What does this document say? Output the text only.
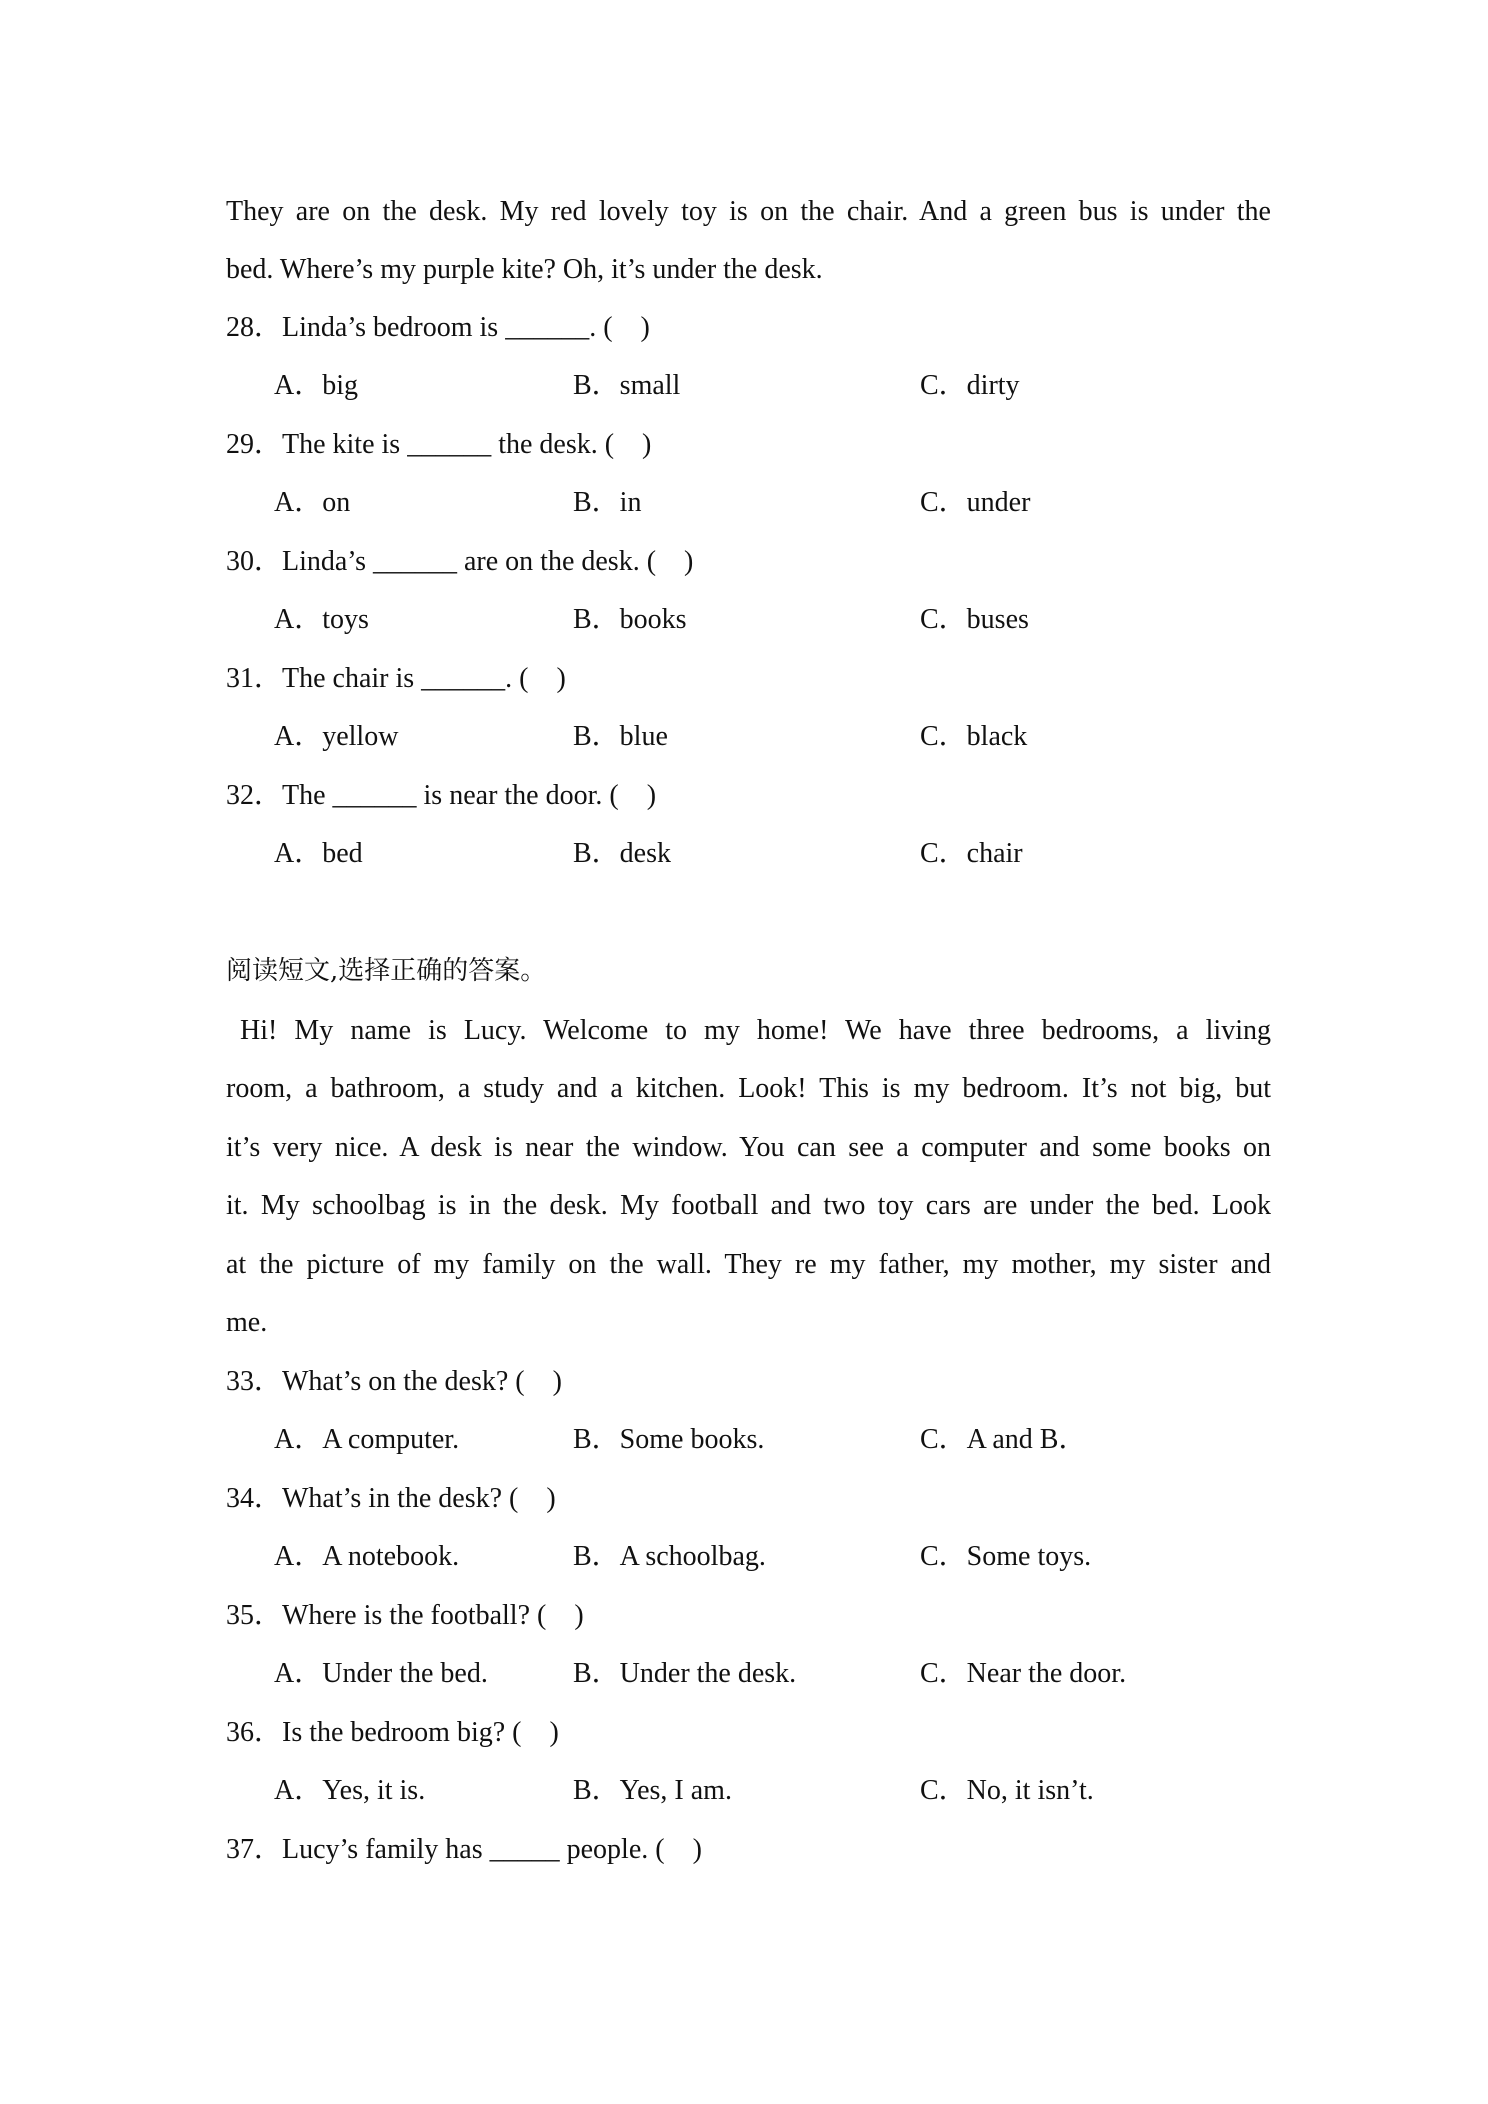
They are on the desk. My red lovely toy is on the chair. And a green bus is under the
bed. Where’s my purple kite? Oh, it’s under the desk.
28．Linda’s bedroom is ______. ( )
A．big	B．small	C．dirty
29．The kite is ______ the desk. ( )
A．on	B．in	C．under
30．Linda’s ______ are on the desk. ( )
A．toys	B．books	C．buses
31．The chair is ______. ( )
A．yellow	B．blue	C．black
32．The ______ is near the door. ( )
A．bed	B．desk	C．chair
阅读短文,选择正确的答案。
 Hi! My name is Lucy. Welcome to my home! We have three bedrooms, a living
room, a bathroom, a study and a kitchen. Look! This is my bedroom. It’s not big, but
it’s very nice. A desk is near the window. You can see a computer and some books on
it. My schoolbag is in the desk. My football and two toy cars are under the bed. Look
at the picture of my family on the wall. They re my father, my mother, my sister and
me.
33．What’s on the desk? ( )
A．A computer.	B．Some books.	C．A and B．
34．What’s in the desk? ( )
A．A notebook.	B．A schoolbag.	C．Some toys.
35．Where is the football? ( )
A．Under the bed.	B．Under the desk.	C．Near the door.
36．Is the bedroom big? ( )
A．Yes, it is.	B．Yes, I am.	C．No, it isn’t.
37．Lucy’s family has _____ people. ( )
